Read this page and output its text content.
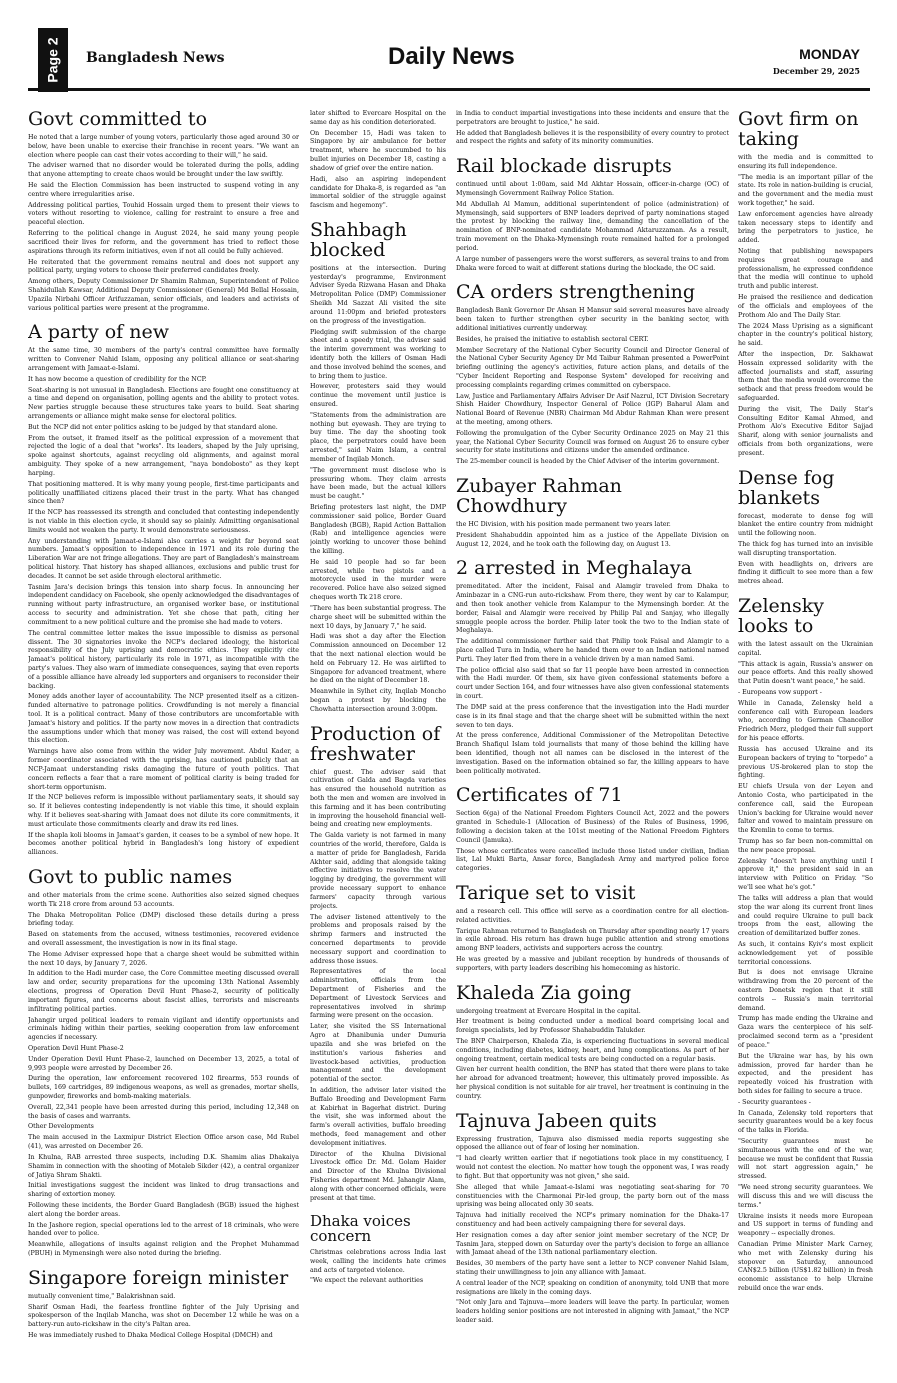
Page 2 Bangladesh News	Daily News	MONDAY
December 29, 2025
Govt committed to

He noted that a large number of young voters, particularly those aged around 30 or below, have been unable to exercise their franchise in recent years. "We want an election where people can cast their votes according to their will," he said.

The adviser warned that no disorder would be tolerated during the polls, adding that anyone attempting to create chaos would be brought under the law swiftly.

He said the Election Commission has been instructed to suspend voting in any centre where irregularities arise.

Addressing political parties, Touhid Hossain urged them to present their views to voters without resorting to violence, calling for restraint to ensure a free and peaceful election.

Referring to the political change in August 2024, he said many young people sacrificed their lives for reform, and the government has tried to reflect those aspirations through its reform initiatives, even if not all could be fully achieved.

He reiterated that the government remains neutral and does not support any political party, urging voters to choose their preferred candidates freely.

Among others, Deputy Commissioner Dr Shamim Rahman, Superintendent of Police Shahidullah Kawsar, Additional Deputy Commissioner (General) Md Bellal Hossain, Upazila Nirbahi Officer Arifuzzaman, senior officials, and leaders and activists of various political parties were present at the programme.

A party of new

At the same time, 30 members of the party's central committee have formally written to Convener Nahid Islam, opposing any political alliance or seat-sharing arrangement with Jamaat-e-Islami.

It has now become a question of credibility for the NCP.

Seat-sharing is not unusual in Bangladesh. Elections are fought one constituency at a time and depend on organisation, polling agents and the ability to protect votes. New parties struggle because these structures take years to build. Seat sharing arrangements or alliance might make sense for electoral politics.

But the NCP did not enter politics asking to be judged by that standard alone.

From the outset, it framed itself as the political expression of a movement that rejected the logic of a deal that "works". Its leaders, shaped by the July uprising, spoke against shortcuts, against recycling old alignments, and against moral ambiguity. They spoke of a new arrangement, "naya bondobosto" as they kept harping.

That positioning mattered. It is why many young people, first-time participants and politically unaffiliated citizens placed their trust in the party. What has changed since then?

If the NCP has reassessed its strength and concluded that contesting independently is not viable in this election cycle, it should say so plainly. Admitting organisational limits would not weaken the party. It would demonstrate seriousness.

Any understanding with Jamaat-e-Islami also carries a weight far beyond seat numbers. Jamaat's opposition to independence in 1971 and its role during the Liberation War are not fringe allegations. They are part of Bangladesh's mainstream political history. That history has shaped alliances, exclusions and public trust for decades. It cannot be set aside through electoral arithmetic.

Tasnim Jara's decision brings this tension into sharp focus. In announcing her independent candidacy on Facebook, she openly acknowledged the disadvantages of running without party infrastructure, an organised worker base, or institutional access to security and administration. Yet she chose that path, citing her commitment to a new political culture and the promise she had made to voters.

The central committee letter makes the issue impossible to dismiss as personal dissent. The 30 signatories invoke the NCP's declared ideology, the historical responsibility of the July uprising and democratic ethics. They explicitly cite Jamaat's political history, particularly its role in 1971, as incompatible with the party's values. They also warn of immediate consequences, saying that even reports of a possible alliance have already led supporters and organisers to reconsider their backing.

Money adds another layer of accountability. The NCP presented itself as a citizen-funded alternative to patronage politics. Crowdfunding is not merely a financial tool. It is a political contract. Many of those contributors are uncomfortable with Jamaat's history and politics. If the party now moves in a direction that contradicts the assumptions under which that money was raised, the cost will extend beyond this election.

Warnings have also come from within the wider July movement. Abdul Kader, a former coordinator associated with the uprising, has cautioned publicly that an NCP-Jamaat understanding risks damaging the future of youth politics. That concern reflects a fear that a rare moment of political clarity is being traded for short-term opportunism.

If the NCP believes reform is impossible without parliamentary seats, it should say so. If it believes contesting independently is not viable this time, it should explain why. If it believes seat-sharing with Jamaat does not dilute its core commitments, it must articulate those commitments clearly and draw its red lines.

If the shapla koli blooms in Jamaat's garden, it ceases to be a symbol of new hope. It becomes another political hybrid in Bangladesh's long history of expedient alliances.

Govt to public names

and other materials from the crime scene. Authorities also seized signed cheques worth Tk 218 crore from around 53 accounts.

The Dhaka Metropolitan Police (DMP) disclosed these details during a press briefing today.

Based on statements from the accused, witness testimonies, recovered evidence and overall assessment, the investigation is now in its final stage.

The Home Adviser expressed hope that a charge sheet would be submitted within the next 10 days, by January 7, 2026.

In addition to the Hadi murder case, the Core Committee meeting discussed overall law and order, security preparations for the upcoming 13th National Assembly elections, progress of Operation Devil Hunt Phase-2, security of politically important figures, and concerns about fascist allies, terrorists and miscreants infiltrating political parties.

Jahangir urged political leaders to remain vigilant and identify opportunists and criminals hiding within their parties, seeking cooperation from law enforcement agencies if necessary.

Operation Devil Hunt Phase-2

Under Operation Devil Hunt Phase-2, launched on December 13, 2025, a total of 9,993 people were arrested by December 26.

During the operation, law enforcement recovered 102 firearms, 553 rounds of bullets, 169 cartridges, 89 indigenous weapons, as well as grenades, mortar shells, gunpowder, fireworks and bomb-making materials.

Overall, 22,341 people have been arrested during this period, including 12,348 on the basis of cases and warrants.

Other Developments

The main accused in the Laxmipur District Election Office arson case, Md Rubel (41), was arrested on December 26.

In Khulna, RAB arrested three suspects, including D.K. Shamim alias Dhakaiya Shamim in connection with the shooting of Motaleb Sikder (42), a central organizer of Jatiya Shram Shakti.

Initial investigations suggest the incident was linked to drug transactions and sharing of extortion money.

Following these incidents, the Border Guard Bangladesh (BGB) issued the highest alert along the border areas.

In the Jashore region, special operations led to the arrest of 18 criminals, who were handed over to police.

Meanwhile, allegations of insults against religion and the Prophet Muhammad (PBUH) in Mymensingh were also noted during the briefing.

Singapore foreign minister

mutually convenient time," Balakrishnan said.

Sharif Osman Hadi, the fearless frontline fighter of the July Uprising and spokesperson of the Inqilab Mancha, was shot on December 12 while he was on a battery-run auto-rickshaw in the city's Paltan area.

He was immediately rushed to Dhaka Medical College Hospital (DMCH) and

later shifted to Evercare Hospital on the same day as his condition deteriorated.

On December 15, Hadi was taken to Singapore by air ambulance for better treatment, where he succumbed to his bullet injuries on December 18, casting a shadow of grief over the entire nation.

Hadi, also an aspiring independent candidate for Dhaka-8, is regarded as "an immortal soldier of the struggle against fascism and hegemony".

Shahbagh blocked

positions at the intersection. During yesterday's programme, Environment Adviser Syeda Rizwana Hasan and Dhaka Metropolitan Police (DMP) Commissioner Sheikh Md Sazzat Ali visited the site around 11:00pm and briefed protesters on the progress of the investigation.

Pledging swift submission of the charge sheet and a speedy trial, the adviser said the interim government was working to identify both the killers of Osman Hadi and those involved behind the scenes, and to bring them to justice.

However, protesters said they would continue the movement until justice is ensured.

"Statements from the administration are nothing but eyewash. They are trying to buy time. The day the shooting took place, the perpetrators could have been arrested," said Naim Islam, a central member of Inqilab Monch.

"The government must disclose who is pressuring whom. They claim arrests have been made, but the actual killers must be caught."

Briefing protesters last night, the DMP commissioner said police, Border Guard Bangladesh (BGB), Rapid Action Battalion (Rab) and intelligence agencies were jointly working to uncover those behind the killing.

He said 10 people had so far been arrested, while two pistols and a motorcycle used in the murder were recovered. Police have also seized signed cheques worth Tk 218 crore.

"There has been substantial progress. The charge sheet will be submitted within the next 10 days, by January 7," he said.

Hadi was shot a day after the Election Commission announced on December 12 that the next national election would be held on February 12. He was airlifted to Singapore for advanced treatment, where he died on the night of December 18.

Meanwhile in Sylhet city, Inqilab Moncho began a protest by blocking the Chowhatta intersection around 3:00pm.

Production of freshwater

chief guest. The adviser said that cultivation of Galda and Bagda varieties has ensured the household nutrition as both the men and women are involved in this farming and it has been contributing in improving the household financial well-being and creating new employments.

The Galda variety is not farmed in many countries of the world, therefore, Galda is a matter of pride for Bangladesh, Farida Akhter said, adding that alongside taking effective initiatives to resolve the water logging by dredging, the government will provide necessary support to enhance farmers' capacity through various projects.

The adviser listened attentively to the problems and proposals raised by the shrimp farmers and instructed the concerned departments to provide necessary support and coordination to address those issues.

Representatives of the local administration, officials from the Department of Fisheries and the Department of Livestock Services and representatives involved in shrimp farming were present on the occasion.

Later, she visited the SS International Agro at Dhanibunia under Dumuria upazila and she was briefed on the institution's various fisheries and livestock-based activities, production management and the development potential of the sector.

In addition, the adviser later visited the Buffalo Breeding and Development Farm at Kabirhat in Bagerhat district. During the visit, she was informed about the farm's overall activities, buffalo breeding methods, feed management and other development initiatives.

Director of the Khulna Divisional Livestock office Dr. Md. Golam Haider and Director of the Khulna Divisional Fisheries department Md. Jahangir Alam, along with other concerned officials, were present at that time.

Dhaka voices concern

Christmas celebrations across India last week, calling the incidents hate crimes and acts of targeted violence.

"We expect the relevant authorities

in India to conduct impartial investigations into these incidents and ensure that the perpetrators are brought to justice," he said.

He added that Bangladesh believes it is the responsibility of every country to protect and respect the rights and safety of its minority communities.

Rail blockade disrupts

continued until about 1:00am, said Md Akhtar Hossain, officer-in-charge (OC) of Mymensingh Government Railway Police Station.

Md Abdullah Al Mamun, additional superintendent of police (administration) of Mymensingh, said supporters of BNP leaders deprived of party nominations staged the protest by blocking the railway line, demanding the cancellation of the nomination of BNP-nominated candidate Mohammad Aktaruzzaman. As a result, train movement on the Dhaka-Mymensingh route remained halted for a prolonged period.

A large number of passengers were the worst sufferers, as several trains to and from Dhaka were forced to wait at different stations during the blockade, the OC said.

CA orders strengthening

Bangladesh Bank Governor Dr Ahsan H Mansur said several measures have already been taken to further strengthen cyber security in the banking sector, with additional initiatives currently underway.

Besides, he praised the initiative to establish sectoral CERT.

Member Secretary of the National Cyber Security Council and Director General of the National Cyber Security Agency Dr Md Taibur Rahman presented a PowerPoint briefing outlining the agency's activities, future action plans, and details of the "Cyber Incident Reporting and Response System" developed for receiving and processing complaints regarding crimes committed on cyberspace.

Law, Justice and Parliamentary Affairs Adviser Dr Asif Nazrul, ICT Division Secretary Shish Haider Chowdhury, Inspector General of Police (IGP) Baharul Alam and National Board of Revenue (NBR) Chairman Md Abdur Rahman Khan were present at the meeting, among others.

Following the promulgation of the Cyber Security Ordinance 2025 on May 21 this year, the National Cyber Security Council was formed on August 26 to ensure cyber security for state institutions and citizens under the amended ordinance.

The 25-member council is headed by the Chief Adviser of the interim government.

Zubayer Rahman Chowdhury

the HC Division, with his position made permanent two years later.

President Shahabuddin appointed him as a justice of the Appellate Division on August 12, 2024, and he took oath the following day, on August 13.

2 arrested in Meghalaya

premeditated. After the incident, Faisal and Alamgir traveled from Dhaka to Aminbazar in a CNG-run auto-rickshaw. From there, they went by car to Kalampur, and then took another vehicle from Kalampur to the Mymensingh border. At the border, Faisal and Alamgir were received by Philip Pal and Sanjay, who illegally smuggle people across the border. Philip later took the two to the Indian state of Meghalaya.

The additional commissioner further said that Philip took Faisal and Alamgir to a place called Tura in India, where he handed them over to an Indian national named Purti. They later fled from there in a vehicle driven by a man named Sami.

The police official also said that so far 11 people have been arrested in connection with the Hadi murder. Of them, six have given confessional statements before a court under Section 164, and four witnesses have also given confessional statements in court.

The DMP said at the press conference that the investigation into the Hadi murder case is in its final stage and that the charge sheet will be submitted within the next seven to ten days.

At the press conference, Additional Commissioner of the Metropolitan Detective Branch Shafiqul Islam told journalists that many of those behind the killing have been identified, though not all names can be disclosed in the interest of the investigation. Based on the information obtained so far, the killing appears to have been politically motivated.

Certificates of 71

Section 6(ga) of the National Freedom Fighters Council Act, 2022 and the powers granted in Schedule-1 (Allocation of Business) of the Rules of Business, 1996, following a decision taken at the 101st meeting of the National Freedom Fighters Council (Jamuka).

Those whose certificates were cancelled include those listed under civilian, Indian list, Lal Mukti Barta, Ansar force, Bangladesh Army and martyred police force categories.

Tarique set to visit

and a research cell. This office will serve as a coordination centre for all election-related activities.

Tarique Rahman returned to Bangladesh on Thursday after spending nearly 17 years in exile abroad. His return has drawn huge public attention and strong emotions among BNP leaders, activists and supporters across the country.

He was greeted by a massive and jubilant reception by hundreds of thousands of supporters, with party leaders describing his homecoming as historic.

Khaleda Zia going

undergoing treatment at Evercare Hospital in the capital.

Her treatment is being conducted under a medical board comprising local and foreign specialists, led by Professor Shahabuddin Talukder.

The BNP Chairperson, Khaleda Zia, is experiencing fluctuations in several medical conditions, including diabetes, kidney, heart, and lung complications. As part of her ongoing treatment, certain medical tests are being conducted on a regular basis.

Given her current health condition, the BNP has stated that there were plans to take her abroad for advanced treatment; however, this ultimately proved impossible. As her physical condition is not suitable for air travel, her treatment is continuing in the country.

Tajnuva Jabeen quits

Expressing frustration, Tajnuva also dismissed media reports suggesting she opposed the alliance out of fear of losing her nomination.

"I had clearly written earlier that if negotiations took place in my constituency, I would not contest the election. No matter how tough the opponent was, I was ready to fight. But that opportunity was not given," she said.

She alleged that while Jamaat-e-Islami was negotiating seat-sharing for 70 constituencies with the Charmonai Pir-led group, the party born out of the mass uprising was being allocated only 30 seats.

Tajnuva had initially received the NCP's primary nomination for the Dhaka-17 constituency and had been actively campaigning there for several days.

Her resignation comes a day after senior joint member secretary of the NCP, Dr Tasnim Jara, stepped down on Saturday over the party's decision to forge an alliance with Jamaat ahead of the 13th national parliamentary election.

Besides, 30 members of the party have sent a letter to NCP convener Nahid Islam, stating their unwillingness to join any alliance with Jamaat.

A central leader of the NCP, speaking on condition of anonymity, told UNB that more resignations are likely in the coming days.

"Not only Jara and Tajnuva—more leaders will leave the party. In particular, women leaders holding senior positions are not interested in aligning with Jamaat," the NCP leader said.

Govt firm on taking

with the media and is committed to ensuring its full independence.

"The media is an important pillar of the state. Its role in nation-building is crucial, and the government and the media must work together," he said.

Law enforcement agencies have already taken necessary steps to identify and bring the perpetrators to justice, he added.

Noting that publishing newspapers requires great courage and professionalism, he expressed confidence that the media will continue to uphold truth and public interest.

He praised the resilience and dedication of the officials and employees of the Prothom Alo and The Daily Star.

The 2024 Mass Uprising as a significant chapter in the country's political history, he said.

After the inspection, Dr. Sakhawat Hossain expressed solidarity with the affected journalists and staff, assuring them that the media would overcome the setback and that press freedom would be safeguarded.

During the visit, The Daily Star's Consulting Editor Kamal Ahmed, and Prothom Alo's Executive Editor Sajjad Sharif, along with senior journalists and officials from both organizations, were present.

Dense fog blankets

forecast, moderate to dense fog will blanket the entire country from midnight until the following noon.

The thick fog has turned into an invisible wall disrupting transportation.

Even with headlights on, drivers are finding it difficult to see more than a few metres ahead.

Zelensky looks to

with the latest assault on the Ukrainian capital.

"This attack is again, Russia's answer on our peace efforts. And this really showed that Putin doesn't want peace," he said.

- Europeans vow support -

While in Canada, Zelensky held a conference call with European leaders who, according to German Chancellor Friedrich Merz, pledged their full support for his peace efforts.

Russia has accused Ukraine and its European backers of trying to "torpedo" a previous US-brokered plan to stop the fighting.

EU chiefs Ursula von der Leyen and Antonio Costa, who participated in the conference call, said the European Union's backing for Ukraine would never falter and vowed to maintain pressure on the Kremlin to come to terms.

Trump has so far been non-committal on the new peace proposal.

Zelensky "doesn't have anything until I approve it," the president said in an interview with Politico on Friday. "So we'll see what he's got."

The talks will address a plan that would stop the war along its current front lines and could require Ukraine to pull back troops from the east, allowing the creation of demilitarized buffer zones.

As such, it contains Kyiv's most explicit acknowledgement yet of possible territorial concessions.

But is does not envisage Ukraine withdrawing from the 20 percent of the eastern Donetsk region that it still controls -- Russia's main territorial demand.

Trump has made ending the Ukraine and Gaza wars the centerpiece of his self-proclaimed second term as a "president of peace."

But the Ukraine war has, by his own admission, proved far harder than he expected, and the president has repeatedly voiced his frustration with both sides for failing to secure a truce.

- Security guarantees -

In Canada, Zelensky told reporters that security guarantees would be a key focus of the talks in Florida.

"Security guarantees must be simultaneous with the end of the war, because we must be confident that Russia will not start aggression again," he stressed.

"We need strong security guarantees. We will discuss this and we will discuss the terms."

Ukraine insists it needs more European and US support in terms of funding and weaponry -- especially drones.

Canadian Prime Minister Mark Carney, who met with Zelensky during his stopover on Saturday, announced CAN$2.5 billion (US$1.82 billion) in fresh economic assistance to help Ukraine rebuild once the war ends.
